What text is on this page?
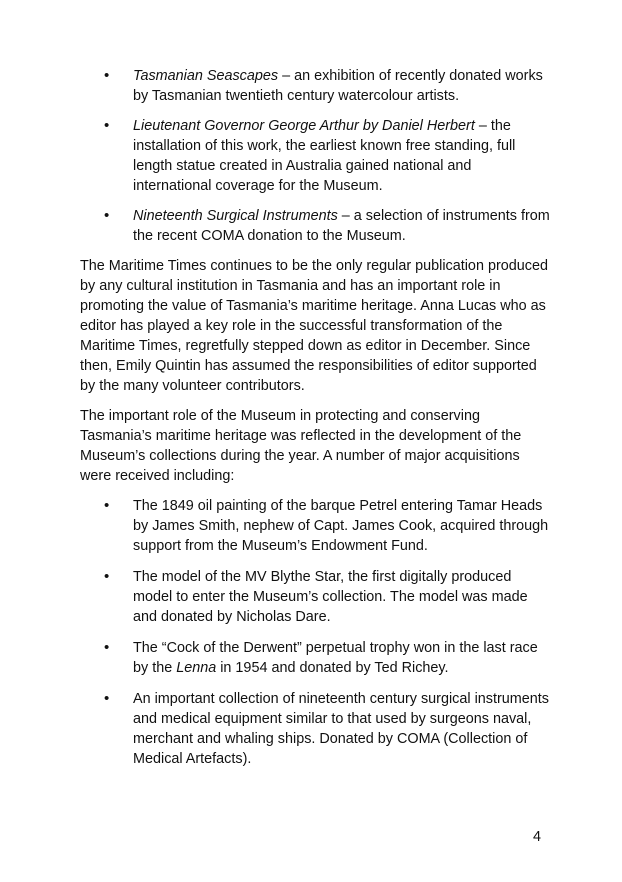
• Tasmanian Seascapes – an exhibition of recently donated works by Tasmanian twentieth century watercolour artists.
• Lieutenant Governor George Arthur by Daniel Herbert – the installation of this work, the earliest known free standing, full length statue created in Australia gained national and international coverage for the Museum.
• Nineteenth Surgical Instruments – a selection of instruments from the recent COMA donation to the Museum.

The Maritime Times continues to be the only regular publication produced by any cultural institution in Tasmania and has an important role in promoting the value of Tasmania’s maritime heritage. Anna Lucas who as editor has played a key role in the successful transformation of the Maritime Times, regretfully stepped down as editor in December. Since then, Emily Quintin has assumed the responsibilities of editor supported by the many volunteer contributors.

The important role of the Museum in protecting and conserving Tasmania’s maritime heritage was reflected in the development of the Museum’s collections during the year. A number of major acquisitions were received including:

• The 1849 oil painting of the barque Petrel entering Tamar Heads by James Smith, nephew of Capt. James Cook, acquired through support from the Museum’s Endowment Fund.
• The model of the MV Blythe Star, the first digitally produced model to enter the Museum’s collection. The model was made and donated by Nicholas Dare.
• The “Cock of the Derwent” perpetual trophy won in the last race by the Lenna in 1954 and donated by Ted Richey.
• An important collection of nineteenth century surgical instruments and medical equipment similar to that used by surgeons naval, merchant and whaling ships. Donated by COMA (Collection of Medical Artefacts).
4
